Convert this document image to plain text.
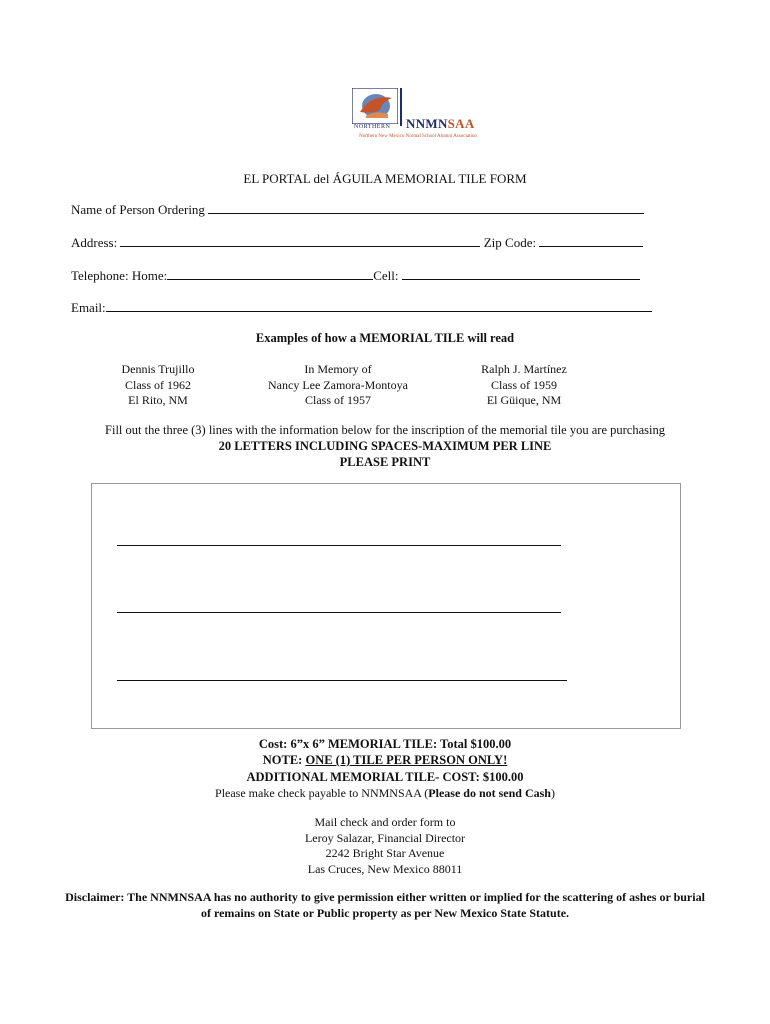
NORTHERN NNMNSAA
Northern New Mexico Normal School Alumni Association
EL PORTAL del ÁGUILA MEMORIAL TILE FORM
Name of Person Ordering
Address:	Zip Code:
Telephone: Home:	Cell:
Email:
Examples of how a MEMORIAL TILE will read
Dennis Trujillo
Class of 1962
El Rito, NM
In Memory of
Nancy Lee Zamora-Montoya
Class of 1957
Ralph J. Martínez
Class of 1959
El Güique, NM
Fill out the three (3) lines with the information below for the inscription of the memorial tile you are purchasing
20 LETTERS INCLUDING SPACES-MAXIMUM PER LINE
PLEASE PRINT
Cost: 6”x 6” MEMORIAL TILE: Total $100.00
NOTE: ONE (1) TILE PER PERSON ONLY!
ADDITIONAL MEMORIAL TILE- COST: $100.00
Please make check payable to NNMNSAA (Please do not send Cash)
Mail check and order form to
Leroy Salazar, Financial Director
2242 Bright Star Avenue
Las Cruces, New Mexico 88011
Disclaimer: The NNMNSAA has no authority to give permission either written or implied for the scattering of ashes or burial of remains on State or Public property as per New Mexico State Statute.
